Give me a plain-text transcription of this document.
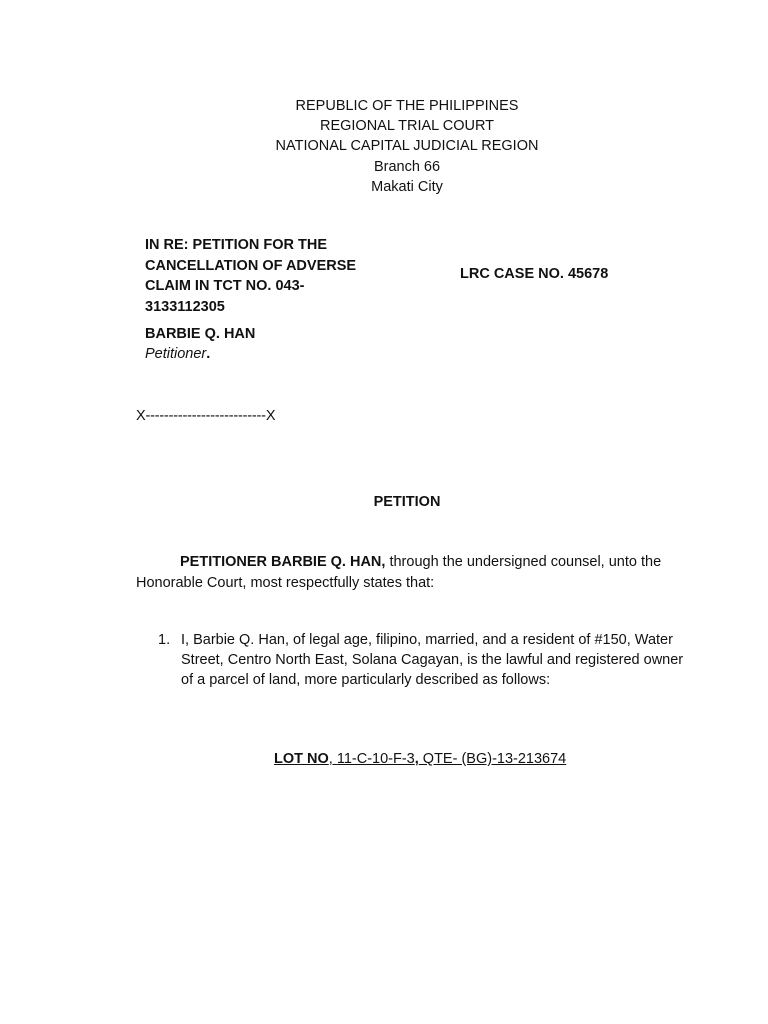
REPUBLIC OF THE PHILIPPINES
REGIONAL TRIAL COURT
NATIONAL CAPITAL JUDICIAL REGION
Branch 66
Makati City
IN RE: PETITION FOR THE
CANCELLATION OF ADVERSE
CLAIM IN TCT NO. 043-
3133112305
BARBIE Q. HAN
Petitioner.
LRC CASE NO. 45678
X--------------------------X
PETITION
PETITIONER BARBIE Q. HAN, through the undersigned counsel, unto the Honorable Court, most respectfully states that:
1. I, Barbie Q. Han, of legal age, filipino, married, and a resident of #150, Water Street, Centro North East, Solana Cagayan, is the lawful and registered owner of a parcel of land, more particularly described as follows:
LOT NO, 11-C-10-F-3, QTE- (BG)-13-213674
